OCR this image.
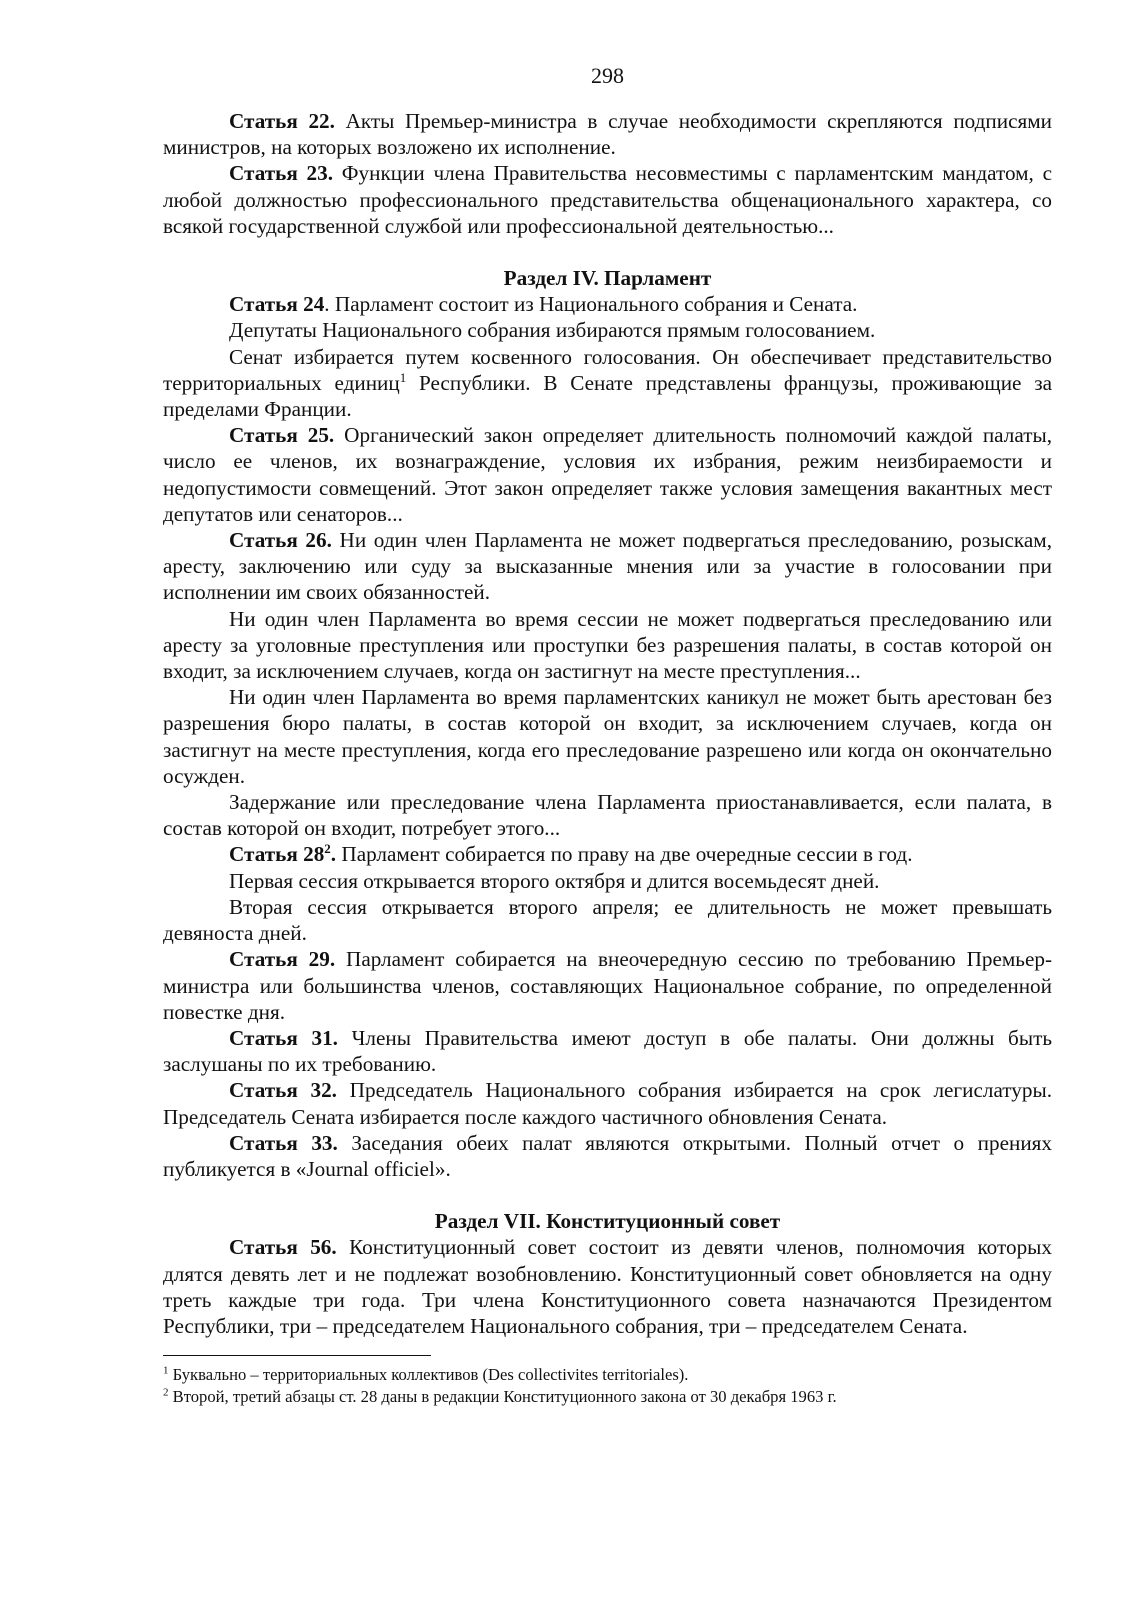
298

Статья 22. Акты Премьер-министра в случае необходимости скрепляются подписями министров, на которых возложено их исполнение.

Статья 23. Функции члена Правительства несовместимы с парламентским мандатом, с любой должностью профессионального представительства общенационального характера, со всякой государственной службой или профессиональной деятельностью...

Раздел IV. Парламент

Статья 24. Парламент состоит из Национального собрания и Сената.

Депутаты Национального собрания избираются прямым голосованием.

Сенат избирается путем косвенного голосования. Он обеспечивает представительство территориальных единиц$^1$ Республики. В Сенате представлены французы, проживающие за пределами Франции.

Статья 25. Органический закон определяет длительность полномочий каждой палаты, число ее членов, их вознаграждение, условия их избрания, режим неизбираемости и недопустимости совмещений. Этот закон определяет также условия замещения вакантных мест депутатов или сенаторов...

Статья 26. Ни один член Парламента не может подвергаться преследованию, розыскам, аресту, заключению или суду за высказанные мнения или за участие в голосовании при исполнении им своих обязанностей.

Ни один член Парламента во время сессии не может подвергаться преследованию или аресту за уголовные преступления или проступки без разрешения палаты, в состав которой он входит, за исключением случаев, когда он застигнут на месте преступления...

Ни один член Парламента во время парламентских каникул не может быть арестован без разрешения бюро палаты, в состав которой он входит, за исключением случаев, когда он застигнут на месте преступления, когда его преследование разрешено или когда он окончательно осужден.

Задержание или преследование члена Парламента приостанавливается, если палата, в состав которой он входит, потребует этого...

Статья $28^2$. Парламент собирается по праву на две очередные сессии в год.

Первая сессия открывается второго октября и длится восемьдесят дней.

Вторая сессия открывается второго апреля; ее длительность не может превышать девяноста дней.

Статья 29. Парламент собирается на внеочередную сессию по требованию Премьер-министра или большинства членов, составляющих Национальное собрание, по определенной повестке дня.

Статья 31. Члены Правительства имеют доступ в обе палаты. Они должны быть заслушаны по их требованию.

Статья 32. Председатель Национального собрания избирается на срок легислатуры. Председатель Сената избирается после каждого частичного обновления Сената.

Статья 33. Заседания обеих палат являются открытыми. Полный отчет о прениях публикуется в «Journal officiel».

Раздел VII. Конституционный совет

Статья 56. Конституционный совет состоит из девяти членов, полномочия которых длятся девять лет и не подлежат возобновлению. Конституционный совет обновляется на одну треть каждые три года. Три члена Конституционного совета назначаются Президентом Республики, три – председателем Национального собрания, три – председателем Сената.

$^1$ Буквально – территориальных коллективов (Des collectivites territoriales).

$^2$ Второй, третий абзацы ст. 28 даны в редакции Конституционного закона от 30 декабря 1963 г.
